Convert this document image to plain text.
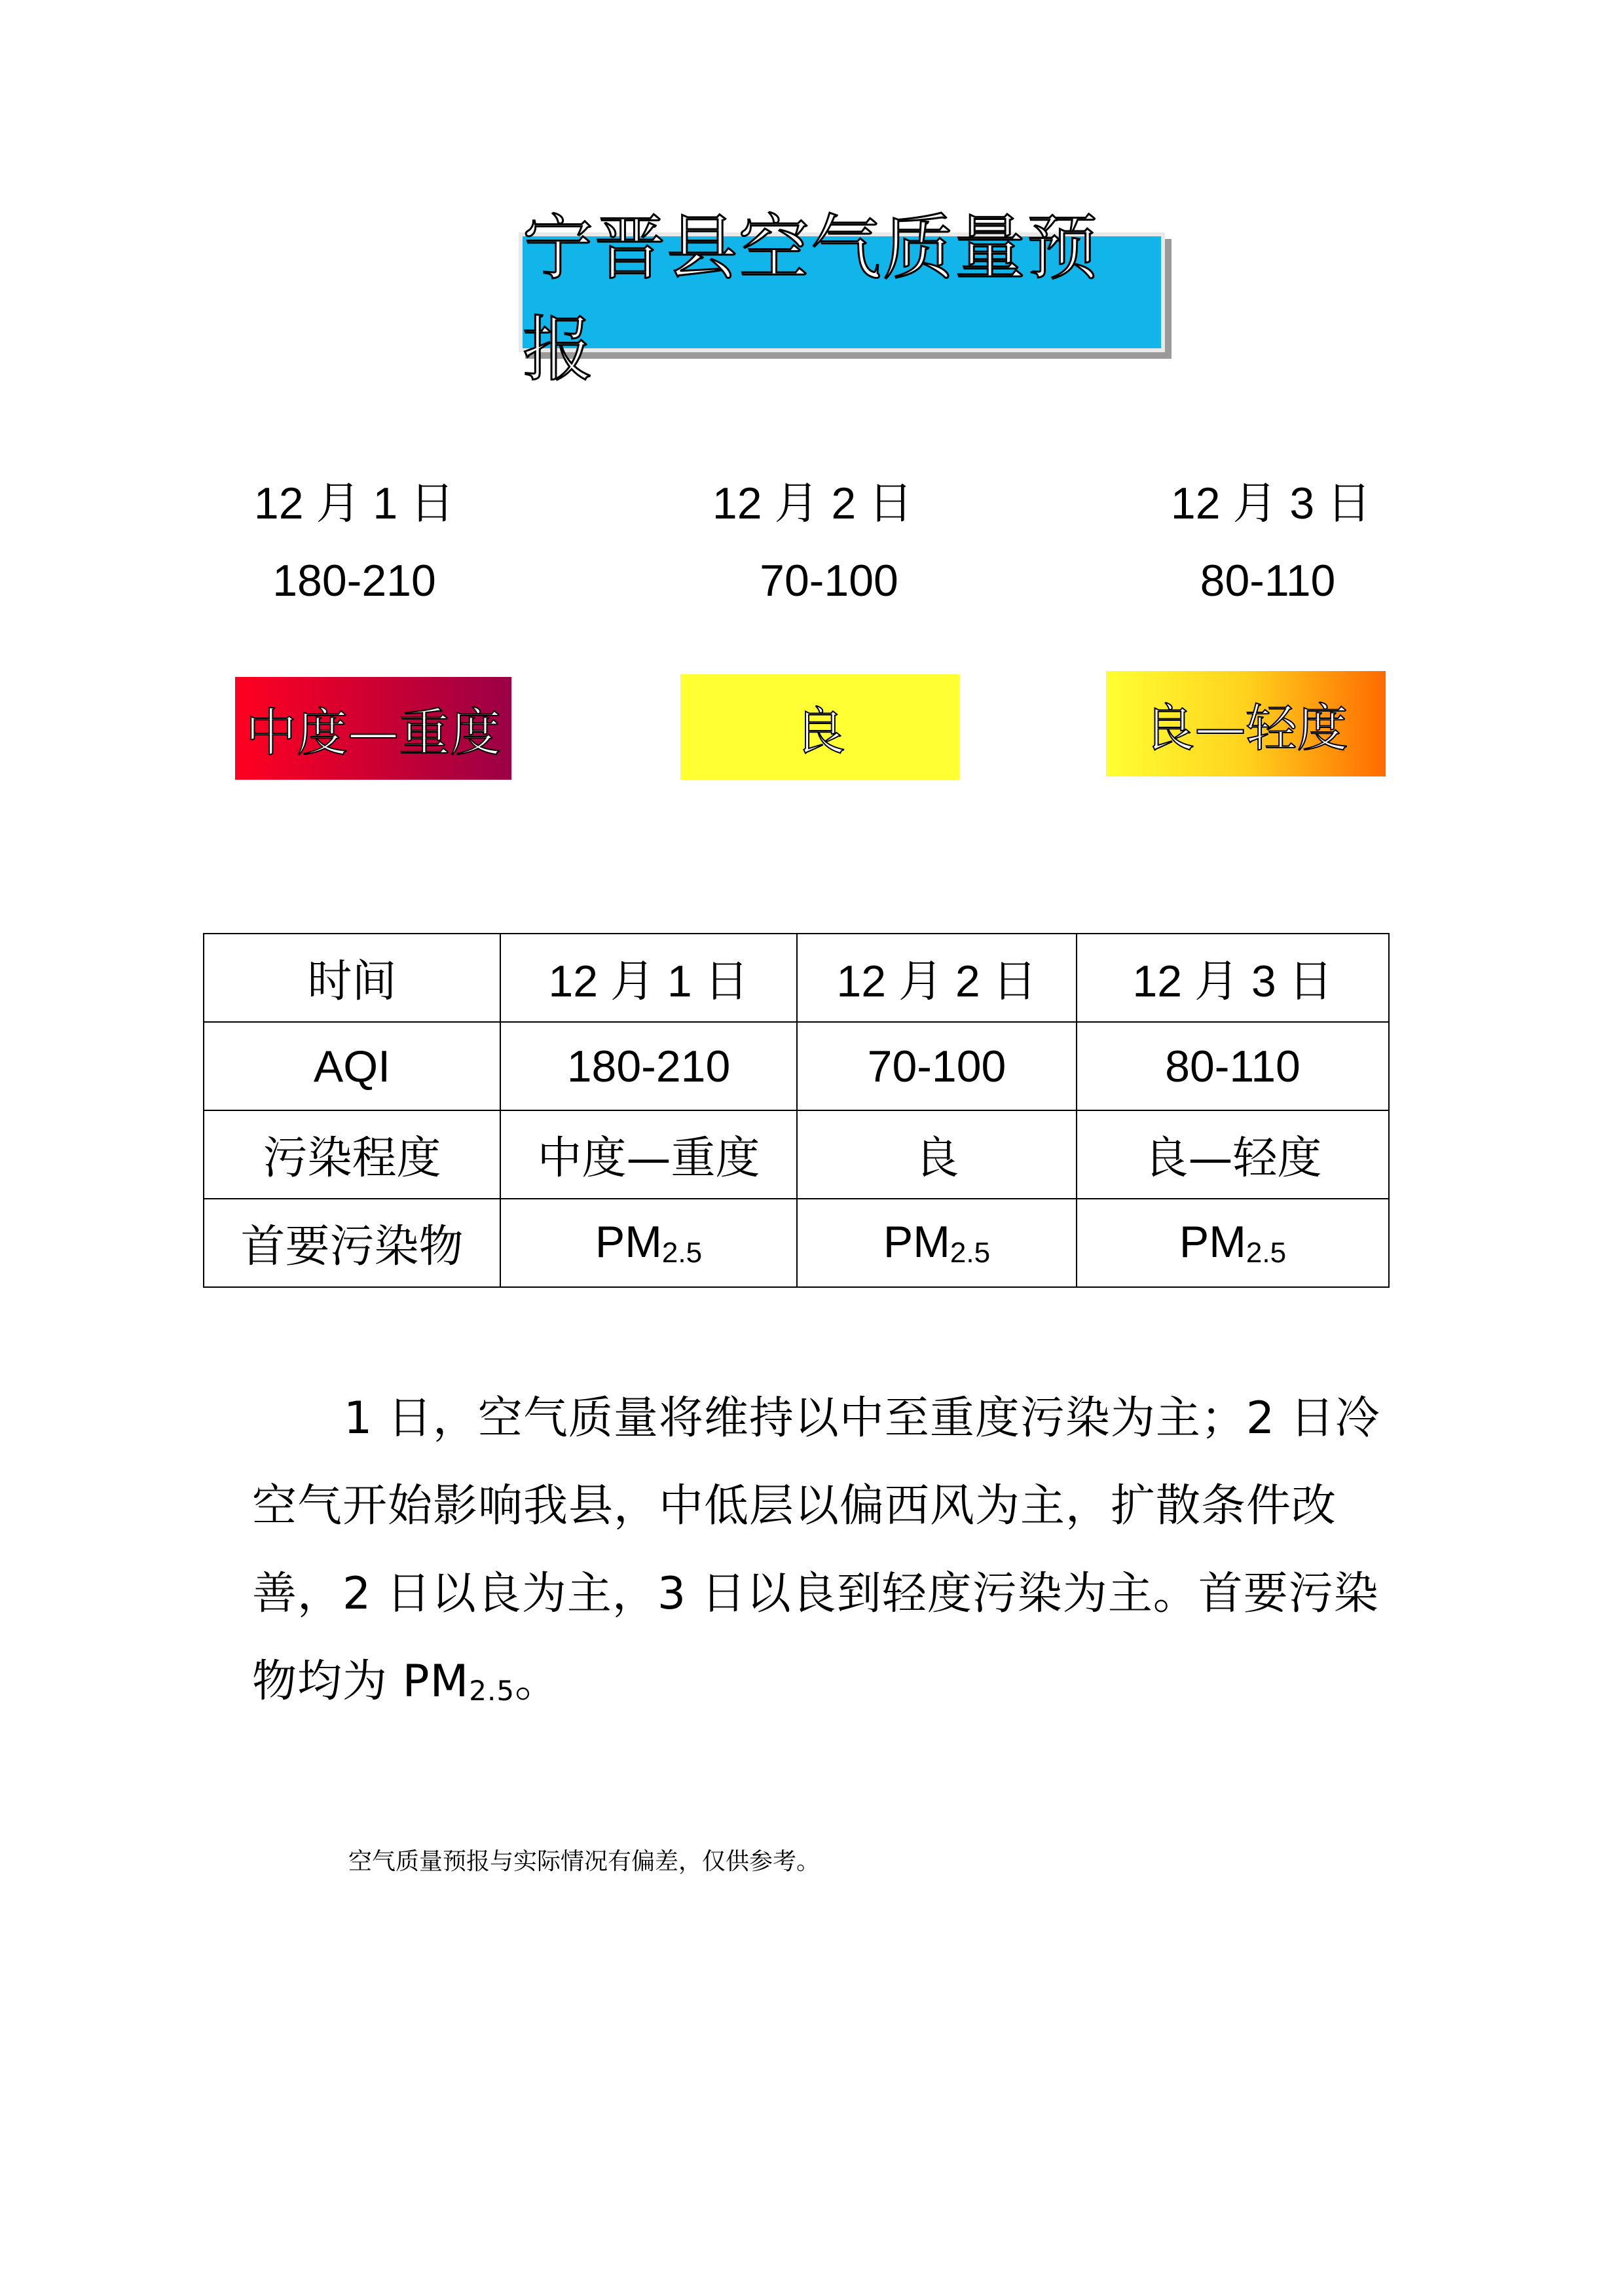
宁晋县空气质量预报
12 月 1 日	12 月 2 日	12 月 3 日
180-210	70-100	80-110
中度—重度	良	良—轻度
时间	12 月 1 日	12 月 2 日	12 月 3 日
AQI	180-210	70-100	80-110
污染程度	中度—重度	良	良—轻度
首要污染物	$PM_{2.5}$	$PM_{2.5}$	$PM_{2.5}$
1 日，空气质量将维持以中至重度污染为主；2 日冷空气开始影响我县，中低层以偏西风为主，扩散条件改善，2 日以良为主，3 日以良到轻度污染为主。首要污染物均为 $PM_{2.5}$。
空气质量预报与实际情况有偏差，仅供参考。
